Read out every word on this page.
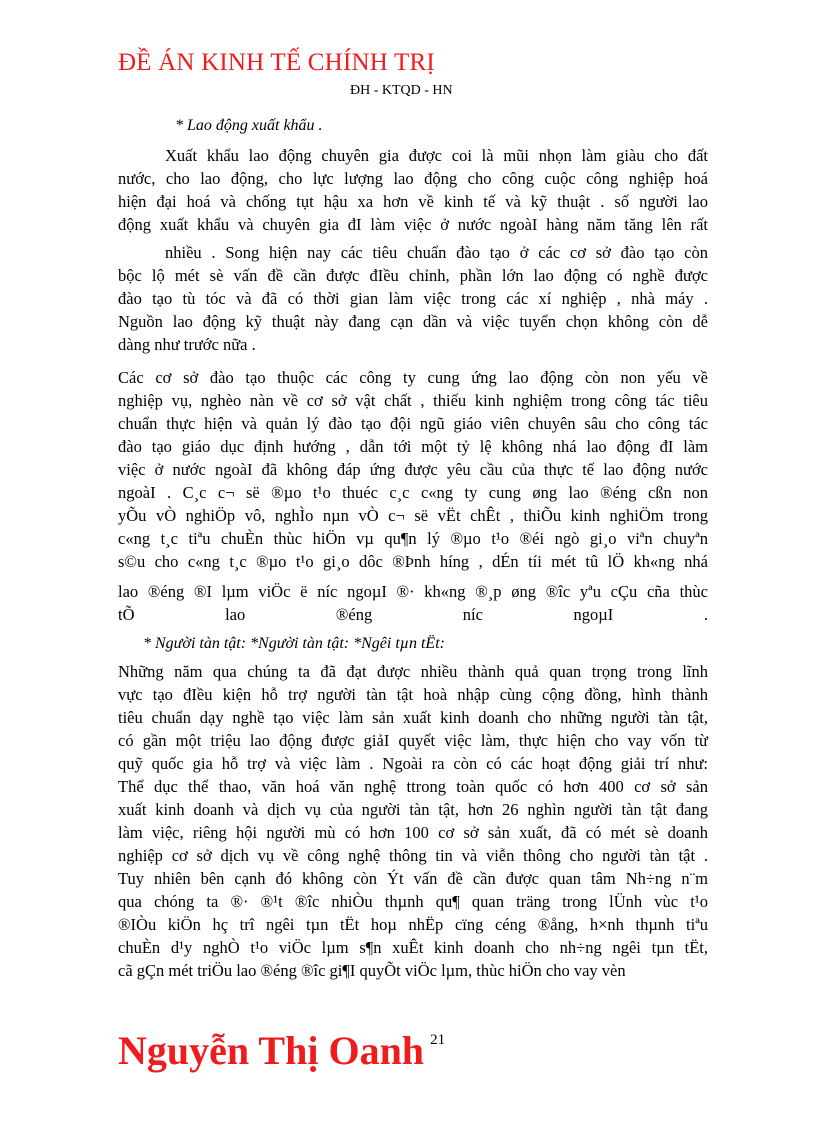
ĐỀ ÁN KINH TẾ CHÍNH TRỊ
ĐH - KTQD - HN
* Lao động xuất khẩu .
Xuất khẩu lao động chuyên gia được coi là mũi nhọn làm giàu cho đất
nước, cho lao động, cho lực lượng lao động cho công cuộc công nghiệp hoá
hiện đại hoá và chống tụt hậu xa hơn về kinh tế và kỹ thuật . số người lao
động xuất khẩu và chuyên gia đI làm việc ở nước ngoàI hàng năm tăng lên rất
nhiều . Song hiện nay các tiêu chuẩn đào tạo ở các cơ sở đào tạo còn
bộc lộ mét sè vấn đề cần được đIều chỉnh, phần lớn lao động có nghề được
đào tạo tù tóc và đã có thời gian làm việc trong các xí nghiệp , nhà máy .
Nguồn lao động kỹ thuật này đang cạn dần và việc tuyển chọn không còn dễ
dàng như trước nữa .
Các cơ sở đào tạo thuộc các công ty cung ứng lao động còn non yếu về
nghiệp vụ, nghèo nàn về cơ sở vật chất , thiếu kinh nghiệm trong công tác tiêu
chuẩn thực hiện và quản lý đào tạo đội ngũ giáo viên chuyên sâu cho công tác
đào tạo giáo dục định hướng , dẫn tới một tỷ lệ không nhá lao động đI làm
việc ở nước ngoàI đã không đáp ứng được yêu cầu của thực tế lao động nước
ngoàI . C¸c c¬ së ®µo t¹o thuéc c¸c c«ng ty cung øng lao ®éng cßn non
yÕu vÒ nghiÖp vô, nghÌo nµn vÒ c¬ së vËt chÊt , thiÕu kinh nghiÖm trong
c«ng t¸c tiªu chuÈn thùc hiÖn vµ qu¶n lý ®µo t¹o ®éi ngò gi¸o viªn chuyªn
s©u cho c«ng t¸c ®µo t¹o gi¸o dôc ®Þnh híng , dÉn tíi mét tû lÖ kh«ng nhá
lao ®éng ®I lµm viÖc ë níc ngoµI ®· kh«ng ®¸p øng ®îc yªu cÇu cña thùc
tÕ lao ®éng níc ngoµI .
Những năm qua chúng ta đã đạt được nhiều thành quả quan trọng trong lĩnh
vực tạo đIều kiện hỗ trợ người tàn tật hoà nhập cùng cộng đồng, hình thành
tiêu chuẩn dạy nghề tạo việc làm sản xuất kinh doanh cho những người tàn tật,
có gần một triệu lao động được giảI quyết việc làm, thực hiện cho vay vốn từ
quỹ quốc gia hỗ trợ và việc làm . Ngoài ra còn có các hoạt động giải trí như:
Thể dục thể thao, văn hoá văn nghệ ttrong toàn quốc có hơn 400 cơ sở sản
xuất kinh doanh và dịch vụ của người tàn tật, hơn 26 nghìn người tàn tật đang
làm việc, riêng hội người mù có hơn 100 cơ sở sản xuất, đã có mét sè doanh
nghiệp cơ sở dịch vụ về công nghệ thông tin và viễn thông cho người tàn tật .
Tuy nhiên bên cạnh đó không còn Ýt vấn đề cần được quan tâm Nh÷ng n¨m
qua chóng ta ®· ®¹t ®îc nhiÒu thµnh qu¶ quan träng trong lÜnh vùc t¹o
®IÒu kiÖn hç trî ngêi tµn tËt hoµ nhËp cïng céng ®ång, h×nh thµnh tiªu
chuÈn d¹y nghÒ t¹o viÖc lµm s¶n xuÊt kinh doanh cho nh÷ng ngêi tµn tËt,
cã gÇn mét triÖu lao ®éng ®îc gi¶I quyÕt viÖc lµm, thùc hiÖn cho vay vèn
* Người tàn tật: *Người tàn tật: *Ngêi tµn tËt:
Nguyễn Thị Oanh 21
